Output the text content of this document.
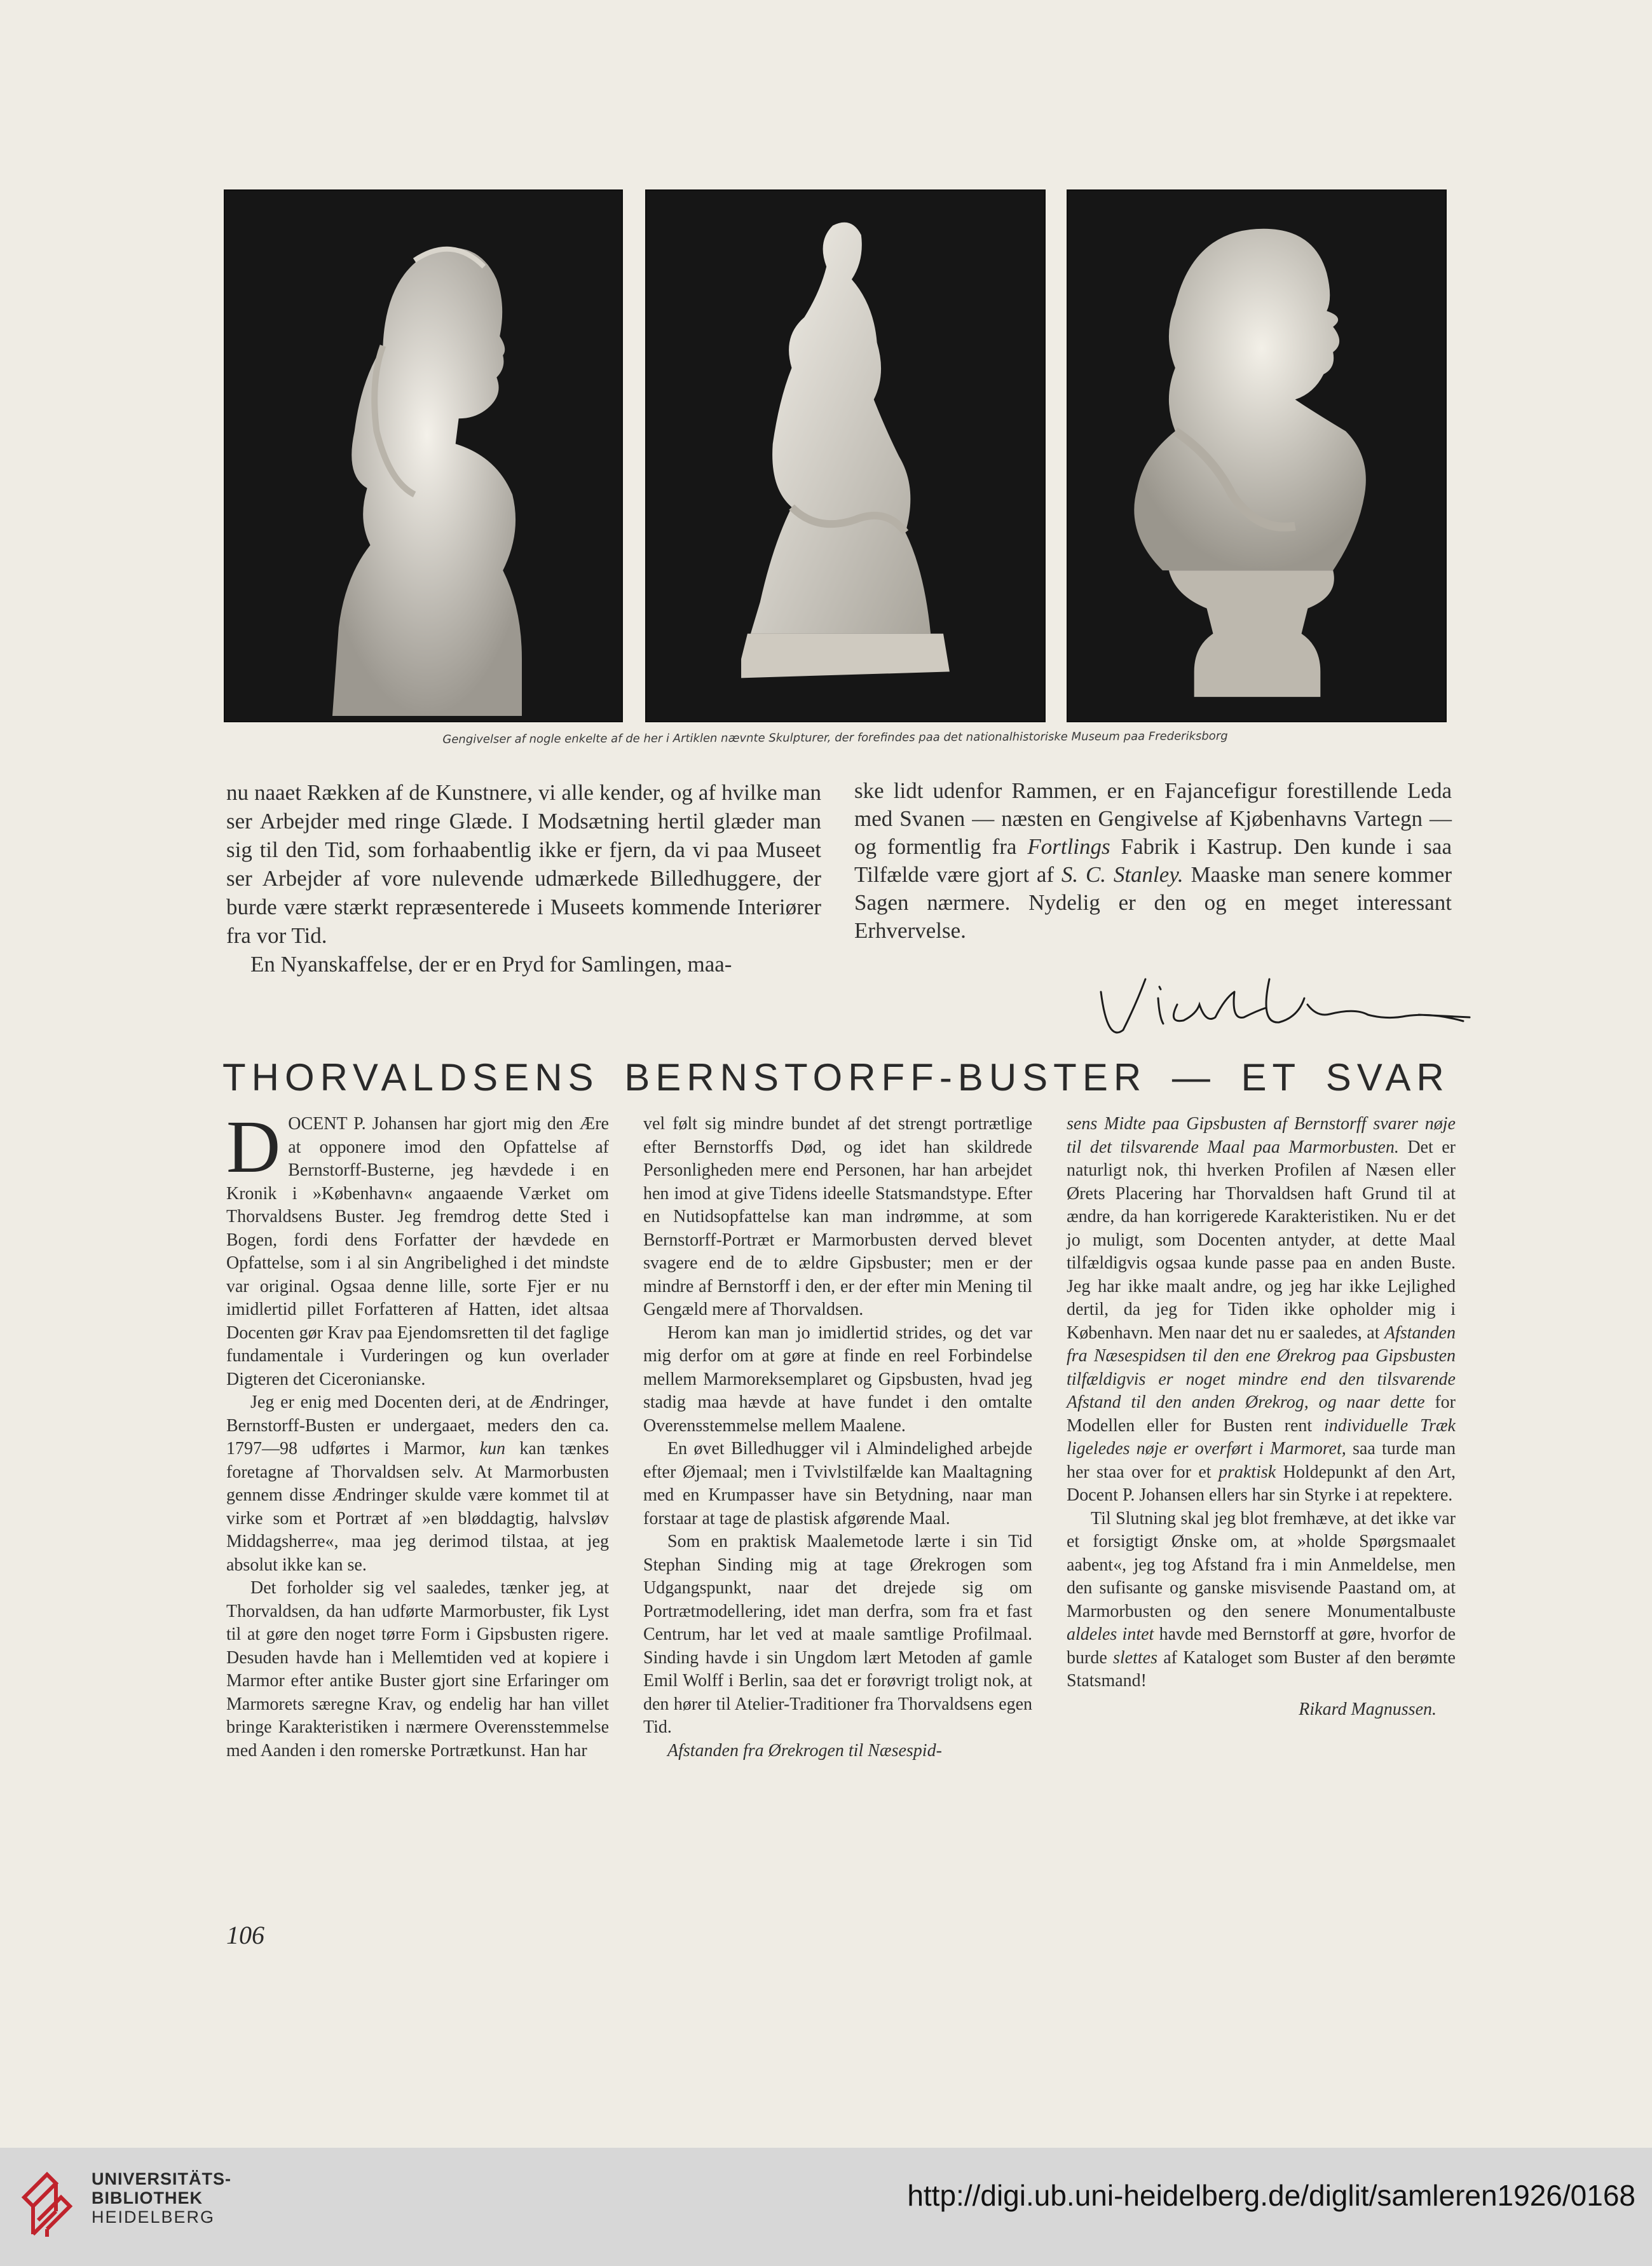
Gengivelser af nogle enkelte af de her i Artiklen nævnte Skulpturer, der forefindes paa det nationalhistoriske Museum paa Frederiksborg

nu naaet Rækken af de Kunstnere, vi alle kender, og af hvilke man ser Arbejder med ringe Glæde. I Modsætning hertil glæder man sig til den Tid, som forhaabentlig ikke er fjern, da vi paa Museet ser Arbejder af vore nulevende udmærkede Billedhuggere, der burde være stærkt repræsenterede i Museets kommende Interiører fra vor Tid.

En Nyanskaffelse, der er en Pryd for Samlingen, maa-

ske lidt udenfor Rammen, er en Fajancefigur forestillende Leda med Svanen — næsten en Gengivelse af Kjøbenhavns Vartegn — og formentlig fra Fortlings Fabrik i Kastrup. Den kunde i saa Tilfælde være gjort af S. C. Stanley. Maaske man senere kommer Sagen nærmere. Nydelig er den og en meget interessant Erhvervelse.

THORVALDSENS BERNSTORFF-BUSTER — ET SVAR

DOCENT P. Johansen har gjort mig den Ære at opponere imod den Opfattelse af Bernstorff-Busterne, jeg hævdede i en Kronik i »København« angaaende Værket om Thorvaldsens Buster. Jeg fremdrog dette Sted i Bogen, fordi dens Forfatter der hævdede en Opfattelse, som i al sin Angribelighed i det mindste var original. Ogsaa denne lille, sorte Fjer er nu imidlertid pillet Forfatteren af Hatten, idet altsaa Docenten gør Krav paa Ejendomsretten til det faglige fundamentale i Vurderingen og kun overlader Digteren det Ciceronianske.

Jeg er enig med Docenten deri, at de Ændringer, Bernstorff-Busten er undergaaet, meders den ca. 1797—98 udførtes i Marmor, kun kan tænkes foretagne af Thorvaldsen selv. At Marmorbusten gennem disse Ændringer skulde være kommet til at virke som et Portræt af »en bløddagtig, halvsløv Middagsherre«, maa jeg derimod tilstaa, at jeg absolut ikke kan se.

Det forholder sig vel saaledes, tænker jeg, at Thorvaldsen, da han udførte Marmorbuster, fik Lyst til at gøre den noget tørre Form i Gipsbusten rigere. Desuden havde han i Mellemtiden ved at kopiere i Marmor efter antike Buster gjort sine Erfaringer om Marmorets særegne Krav, og endelig har han villet bringe Karakteristiken i nærmere Overensstemmelse med Aanden i den romerske Portrætkunst. Han har

vel følt sig mindre bundet af det strengt portrætlige efter Bernstorffs Død, og idet han skildrede Personligheden mere end Personen, har han arbejdet hen imod at give Tidens ideelle Statsmandstype. Efter en Nutidsopfattelse kan man indrømme, at som Bernstorff-Portræt er Marmorbusten derved blevet svagere end de to ældre Gipsbuster; men er der mindre af Bernstorff i den, er der efter min Mening til Gengæld mere af Thorvaldsen.

Herom kan man jo imidlertid strides, og det var mig derfor om at gøre at finde en reel Forbindelse mellem Marmoreksemplaret og Gipsbusten, hvad jeg stadig maa hævde at have fundet i den omtalte Overensstemmelse mellem Maalene.

En øvet Billedhugger vil i Almindelighed arbejde efter Øjemaal; men i Tvivlstilfælde kan Maaltagning med en Krumpasser have sin Betydning, naar man forstaar at tage de plastisk afgørende Maal.

Som en praktisk Maalemetode lærte i sin Tid Stephan Sinding mig at tage Ørekrogen som Udgangspunkt, naar det drejede sig om Portrætmodellering, idet man derfra, som fra et fast Centrum, har let ved at maale samtlige Profilmaal. Sinding havde i sin Ungdom lært Metoden af gamle Emil Wolff i Berlin, saa det er forøvrigt troligt nok, at den hører til Atelier-Traditioner fra Thorvaldsens egen Tid.

Afstanden fra Ørekrogen til Næsespid-

sens Midte paa Gipsbusten af Bernstorff svarer nøje til det tilsvarende Maal paa Marmorbusten. Det er naturligt nok, thi hverken Profilen af Næsen eller Ørets Placering har Thorvaldsen haft Grund til at ændre, da han korrigerede Karakteristiken. Nu er det jo muligt, som Docenten antyder, at dette Maal tilfældigvis ogsaa kunde passe paa en anden Buste. Jeg har ikke maalt andre, og jeg har ikke Lejlighed dertil, da jeg for Tiden ikke opholder mig i København. Men naar det nu er saaledes, at Afstanden fra Næsespidsen til den ene Ørekrog paa Gipsbusten tilfældigvis er noget mindre end den tilsvarende Afstand til den anden Ørekrog, og naar dette for Modellen eller for Busten rent individuelle Træk ligeledes nøje er overført i Marmoret, saa turde man her staa over for et praktisk Holdepunkt af den Art, Docent P. Johansen ellers har sin Styrke i at repektere.

Til Slutning skal jeg blot fremhæve, at det ikke var et forsigtigt Ønske om, at »holde Spørgsmaalet aabent«, jeg tog Afstand fra i min Anmeldelse, men den sufisante og ganske misvisende Paastand om, at Marmorbusten og den senere Monumentalbuste aldeles intet havde med Bernstorff at gøre, hvorfor de burde slettes af Kataloget som Buster af den berømte Statsmand!

Rikard Magnussen.
106
UNIVERSITÄTS-
BIBLIOTHEK
HEIDELBERG
http://digi.ub.uni-heidelberg.de/diglit/samleren1926/0168
